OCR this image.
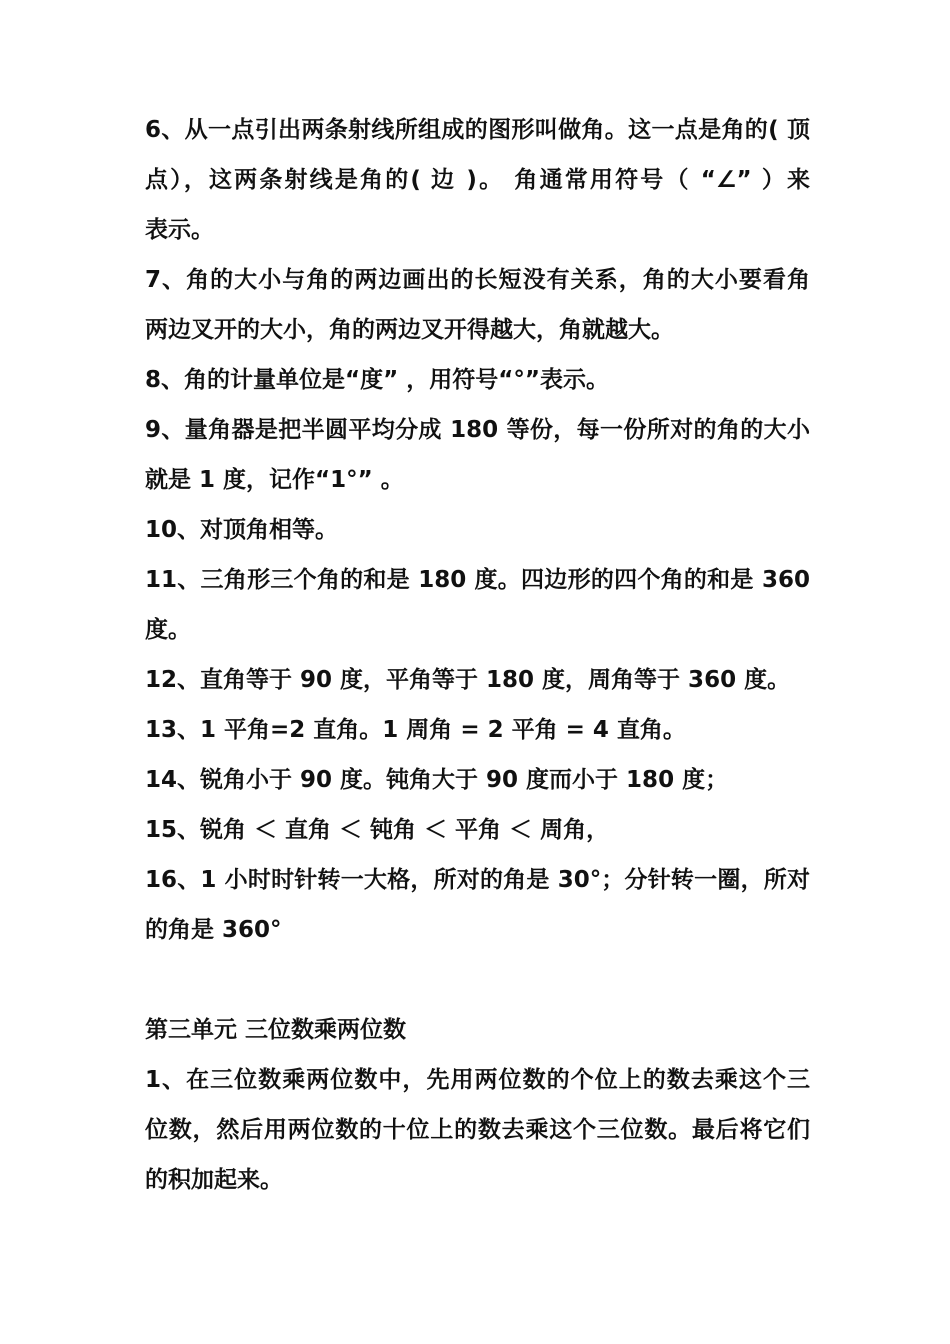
6、从一点引出两条射线所组成的图形叫做角。这一点是角的( 顶
点），这两条射线是角的( 边 )。 角通常用符号（ “∠” ）来
表示。
7、角的大小与角的两边画出的长短没有关系，角的大小要看角
两边叉开的大小，角的两边叉开得越大，角就越大。
8、角的计量单位是“度” ，用符号“°”表示。
9、量角器是把半圆平均分成 180 等份，每一份所对的角的大小
就是 1 度，记作“1°” 。
10、对顶角相等。
11、三角形三个角的和是 180 度。四边形的四个角的和是 360
度。
12、直角等于 90 度，平角等于 180 度，周角等于 360 度。
13、1 平角=2 直角。1 周角 = 2 平角 = 4 直角。
14、锐角小于 90 度。钝角大于 90 度而小于 180 度；
15、锐角 ＜ 直角 ＜ 钝角 ＜ 平角 ＜ 周角，
16、1 小时时针转一大格，所对的角是 30°；分针转一圈，所对
的角是 360°
第三单元 三位数乘两位数
1、在三位数乘两位数中，先用两位数的个位上的数去乘这个三
位数，然后用两位数的十位上的数去乘这个三位数。最后将它们
的积加起来。
